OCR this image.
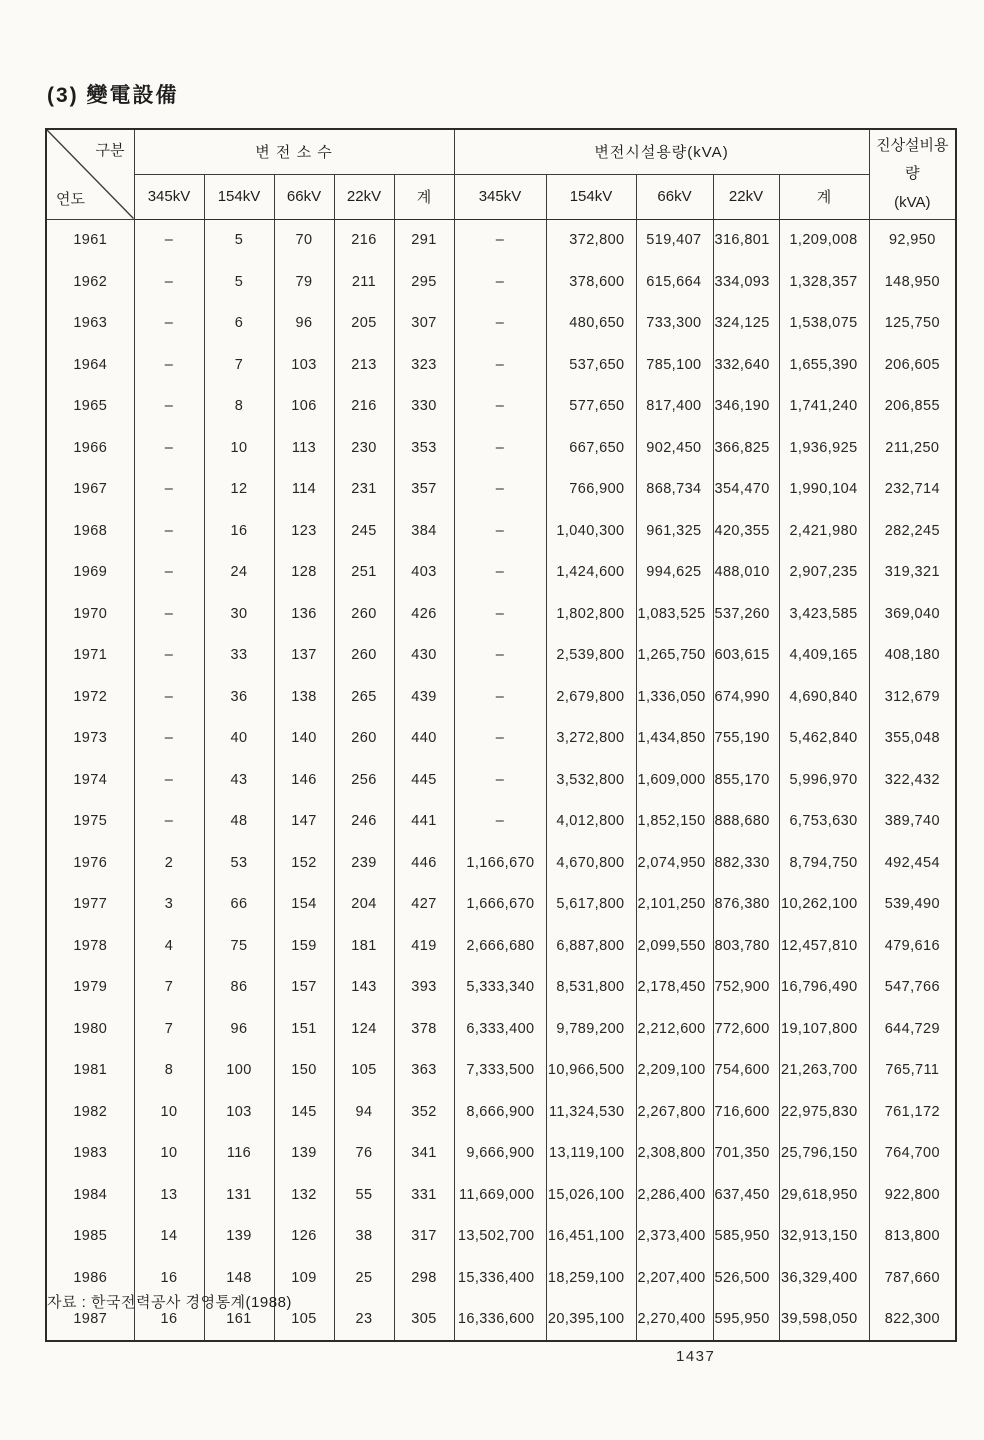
(3) 變電設備
구분
연도
	변 전 소 수	변전시설용량(kVA)	진상설비용량
(kVA)

	345kV	154kV	66kV	22kV	계	345kV	154kV	66kV	22kV	계	
1961	–	5	70	216	291	–	372,800	519,407	316,801	1,209,008	92,950
1962	–	5	79	211	295	–	378,600	615,664	334,093	1,328,357	148,950
1963	–	6	96	205	307	–	480,650	733,300	324,125	1,538,075	125,750
1964	–	7	103	213	323	–	537,650	785,100	332,640	1,655,390	206,605
1965	–	8	106	216	330	–	577,650	817,400	346,190	1,741,240	206,855
1966	–	10	113	230	353	–	667,650	902,450	366,825	1,936,925	211,250
1967	–	12	114	231	357	–	766,900	868,734	354,470	1,990,104	232,714
1968	–	16	123	245	384	–	1,040,300	961,325	420,355	2,421,980	282,245
1969	–	24	128	251	403	–	1,424,600	994,625	488,010	2,907,235	319,321
1970	–	30	136	260	426	–	1,802,800	1,083,525	537,260	3,423,585	369,040
1971	–	33	137	260	430	–	2,539,800	1,265,750	603,615	4,409,165	408,180
1972	–	36	138	265	439	–	2,679,800	1,336,050	674,990	4,690,840	312,679
1973	–	40	140	260	440	–	3,272,800	1,434,850	755,190	5,462,840	355,048
1974	–	43	146	256	445	–	3,532,800	1,609,000	855,170	5,996,970	322,432
1975	–	48	147	246	441	–	4,012,800	1,852,150	888,680	6,753,630	389,740
1976	2	53	152	239	446	1,166,670	4,670,800	2,074,950	882,330	8,794,750	492,454
1977	3	66	154	204	427	1,666,670	5,617,800	2,101,250	876,380	10,262,100	539,490
1978	4	75	159	181	419	2,666,680	6,887,800	2,099,550	803,780	12,457,810	479,616
1979	7	86	157	143	393	5,333,340	8,531,800	2,178,450	752,900	16,796,490	547,766
1980	7	96	151	124	378	6,333,400	9,789,200	2,212,600	772,600	19,107,800	644,729
1981	8	100	150	105	363	7,333,500	10,966,500	2,209,100	754,600	21,263,700	765,711
1982	10	103	145	94	352	8,666,900	11,324,530	2,267,800	716,600	22,975,830	761,172
1983	10	116	139	76	341	9,666,900	13,119,100	2,308,800	701,350	25,796,150	764,700
1984	13	131	132	55	331	11,669,000	15,026,100	2,286,400	637,450	29,618,950	922,800
1985	14	139	126	38	317	13,502,700	16,451,100	2,373,400	585,950	32,913,150	813,800
1986	16	148	109	25	298	15,336,400	18,259,100	2,207,400	526,500	36,329,400	787,660
1987	16	161	105	23	305	16,336,600	20,395,100	2,270,400	595,950	39,598,050	822,300
자료 : 한국전력공사 경영통계(1988)
1437
